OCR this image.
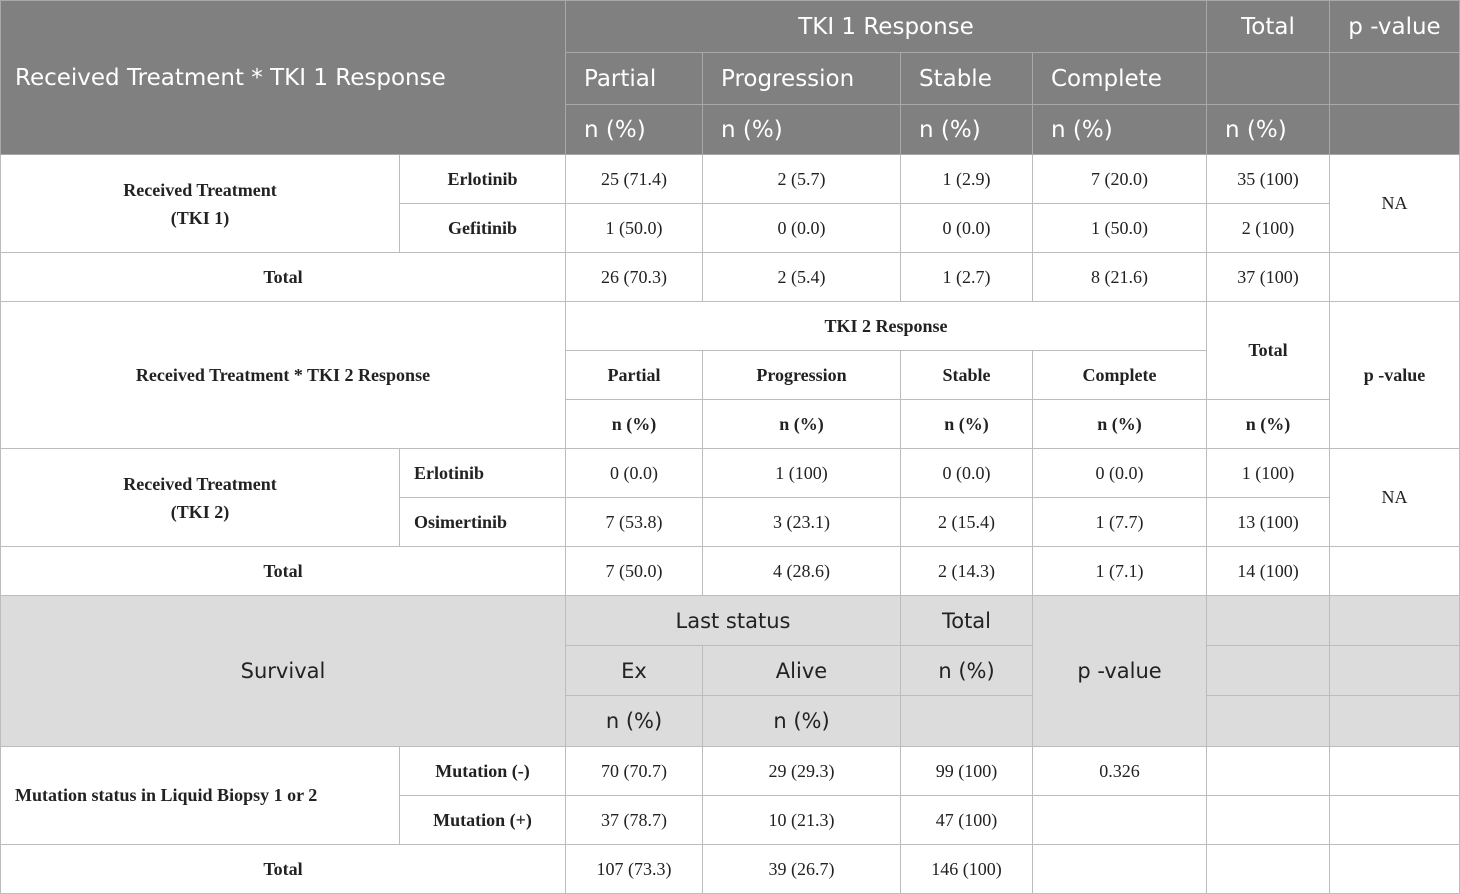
Received Treatment * TKI 1 Response		TKI 1 Response				Total	p -value
		Partial	Progression	Stable	Complete		
		n (%)	n (%)	n (%)	n (%)	n (%)	
Received Treatment
(TKI 1)	Erlotinib	25 (71.4)	2 (5.7)	1 (2.9)	7 (20.0)	35 (100)	NA
	Gefitinib	1 (50.0)	0 (0.0)	0 (0.0)	1 (50.0)	2 (100)	
Total		26 (70.3)	2 (5.4)	1 (2.7)	8 (21.6)	37 (100)	
Received Treatment * TKI 2 Response		TKI 2 Response				Total	p -value
		Partial	Progression	Stable	Complete		
		n (%)	n (%)	n (%)	n (%)	n (%)	
Received Treatment
(TKI 2)	Erlotinib	0 (0.0)	1 (100)	0 (0.0)	0 (0.0)	1 (100)	NA
	Osimertinib	7 (53.8)	3 (23.1)	2 (15.4)	1 (7.7)	13 (100)	
Total		7 (50.0)	4 (28.6)	2 (14.3)	1 (7.1)	14 (100)	
Survival		Last status		Total	p -value		
		Ex	Alive	n (%)			
		n (%)	n (%)				
Mutation status in Liquid Biopsy 1 or 2	Mutation (-)	70 (70.7)	29 (29.3)	99 (100)	0.326		
	Mutation (+)	37 (78.7)	10 (21.3)	47 (100)			
Total		107 (73.3)	39 (26.7)	146 (100)			
